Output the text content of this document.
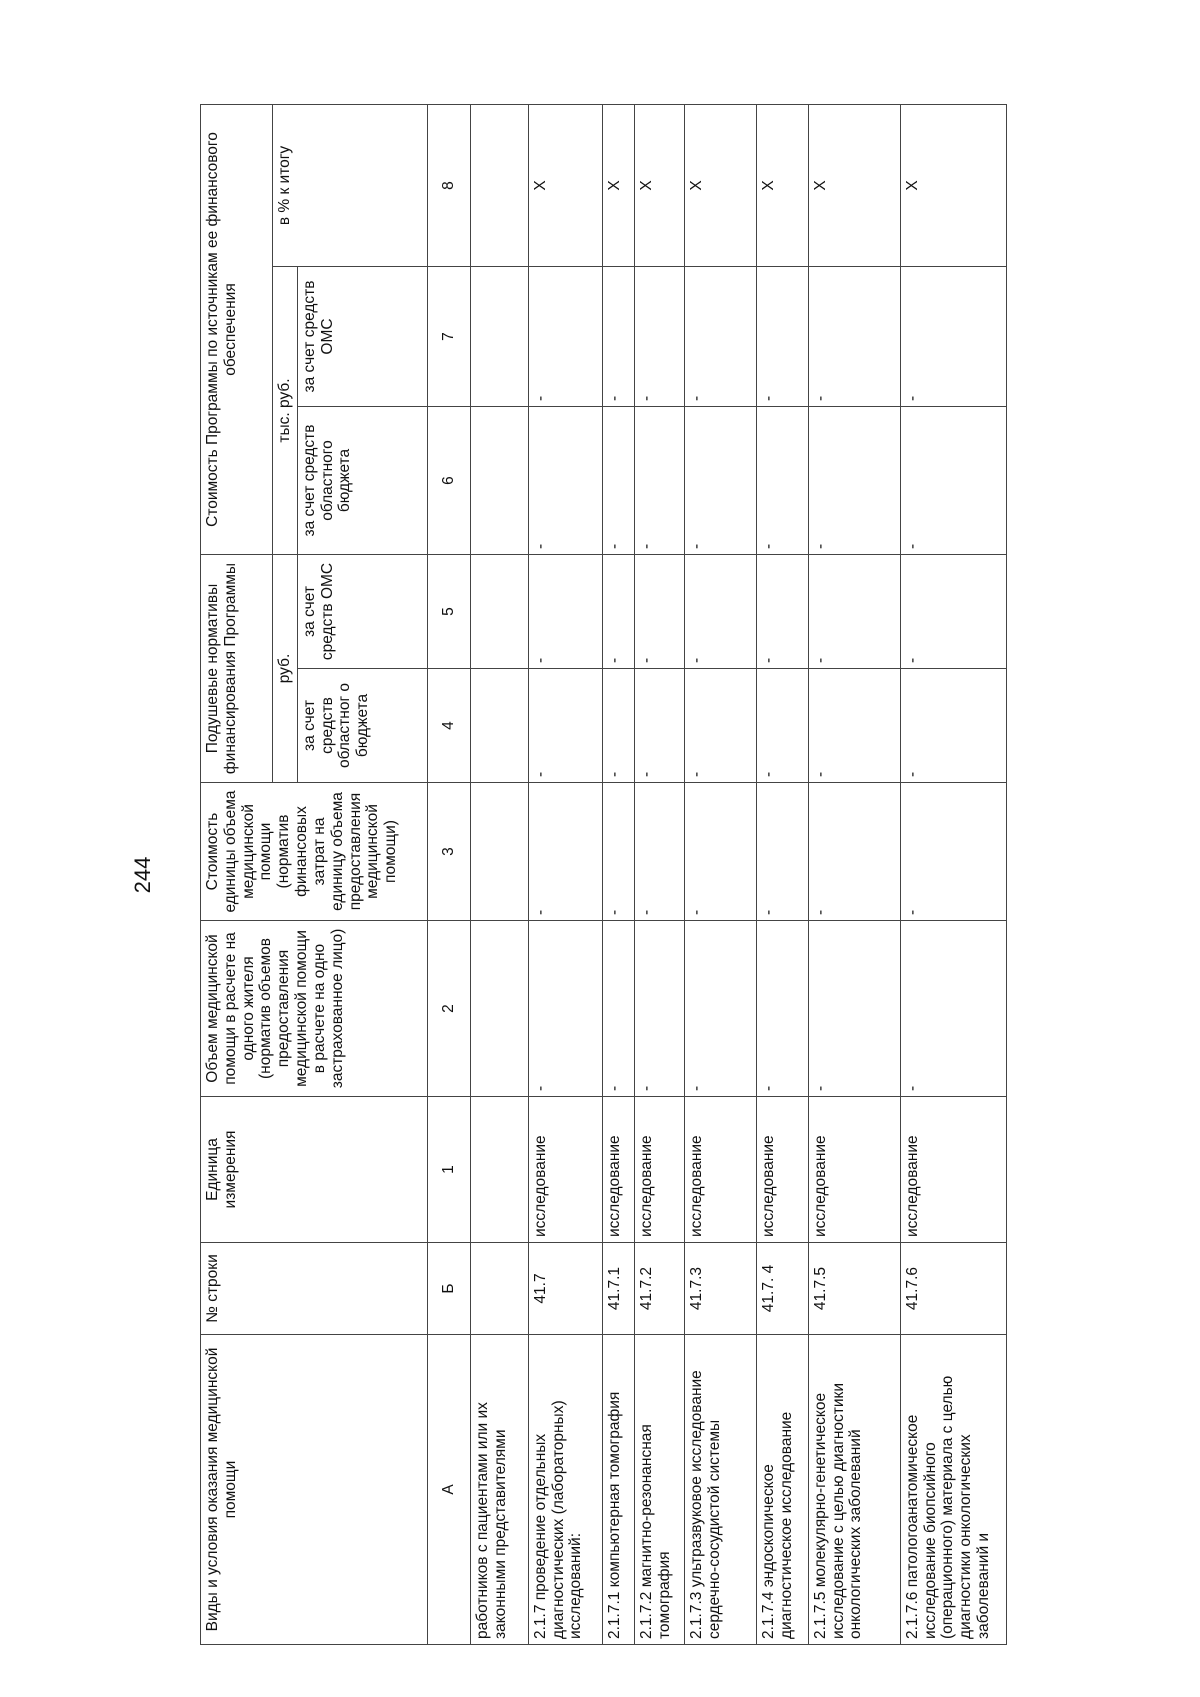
244
Виды и условия оказания медицинской помощи	№ строки	Единица измерения	Объем медицинской помощи в расчете на одного жителя (норматив объемов предоставления медицинской помощи в расчете на одно застрахованное лицо)	Стоимость единицы объема медицинской помощи (норматив финансовых затрат на единицу объема предоставления медицинской помощи)	Подушевые нормативы финансирования Программы		Стоимость Программы по источникам ее финансового обеспечения		
					руб.		тыс. руб.		в % к итогу
					за счет средств областног о бюджета	за счет средств ОМС	за счет средств областного бюджета	за счет средств ОМС	
А	Б	1	2	3	4	5	6	7	8
работников с пациентами или их законными представителями									
2.1.7 проведение отдельных диагностических (лабораторных) исследований:	41.7	исследование	-	-	-	-	-	-	Х
2.1.7.1 компьютерная томография	41.7.1	исследование	-	-	-	-	-	-	Х
2.1.7.2 магнитно-резонансная томография	41.7.2	исследование	-	-	-	-	-	-	Х
2.1.7.3 ультразвуковое исследование сердечно-сосудистой системы	41.7.3	исследование	-	-	-	-	-	-	Х
2.1.7.4 эндоскопическое диагностическое исследование	41.7. 4	исследование	-	-	-	-	-	-	Х
2.1.7.5 молекулярно-генетическое исследование с целью диагностики онкологических заболеваний	41.7.5	исследование	-	-	-	-	-	-	Х
2.1.7.6 патологоанатомическое исследование биопсийного (операционного) материала с целью диагностики онкологических заболеваний и	41.7.6	исследование	-	-	-	-	-	-	Х
